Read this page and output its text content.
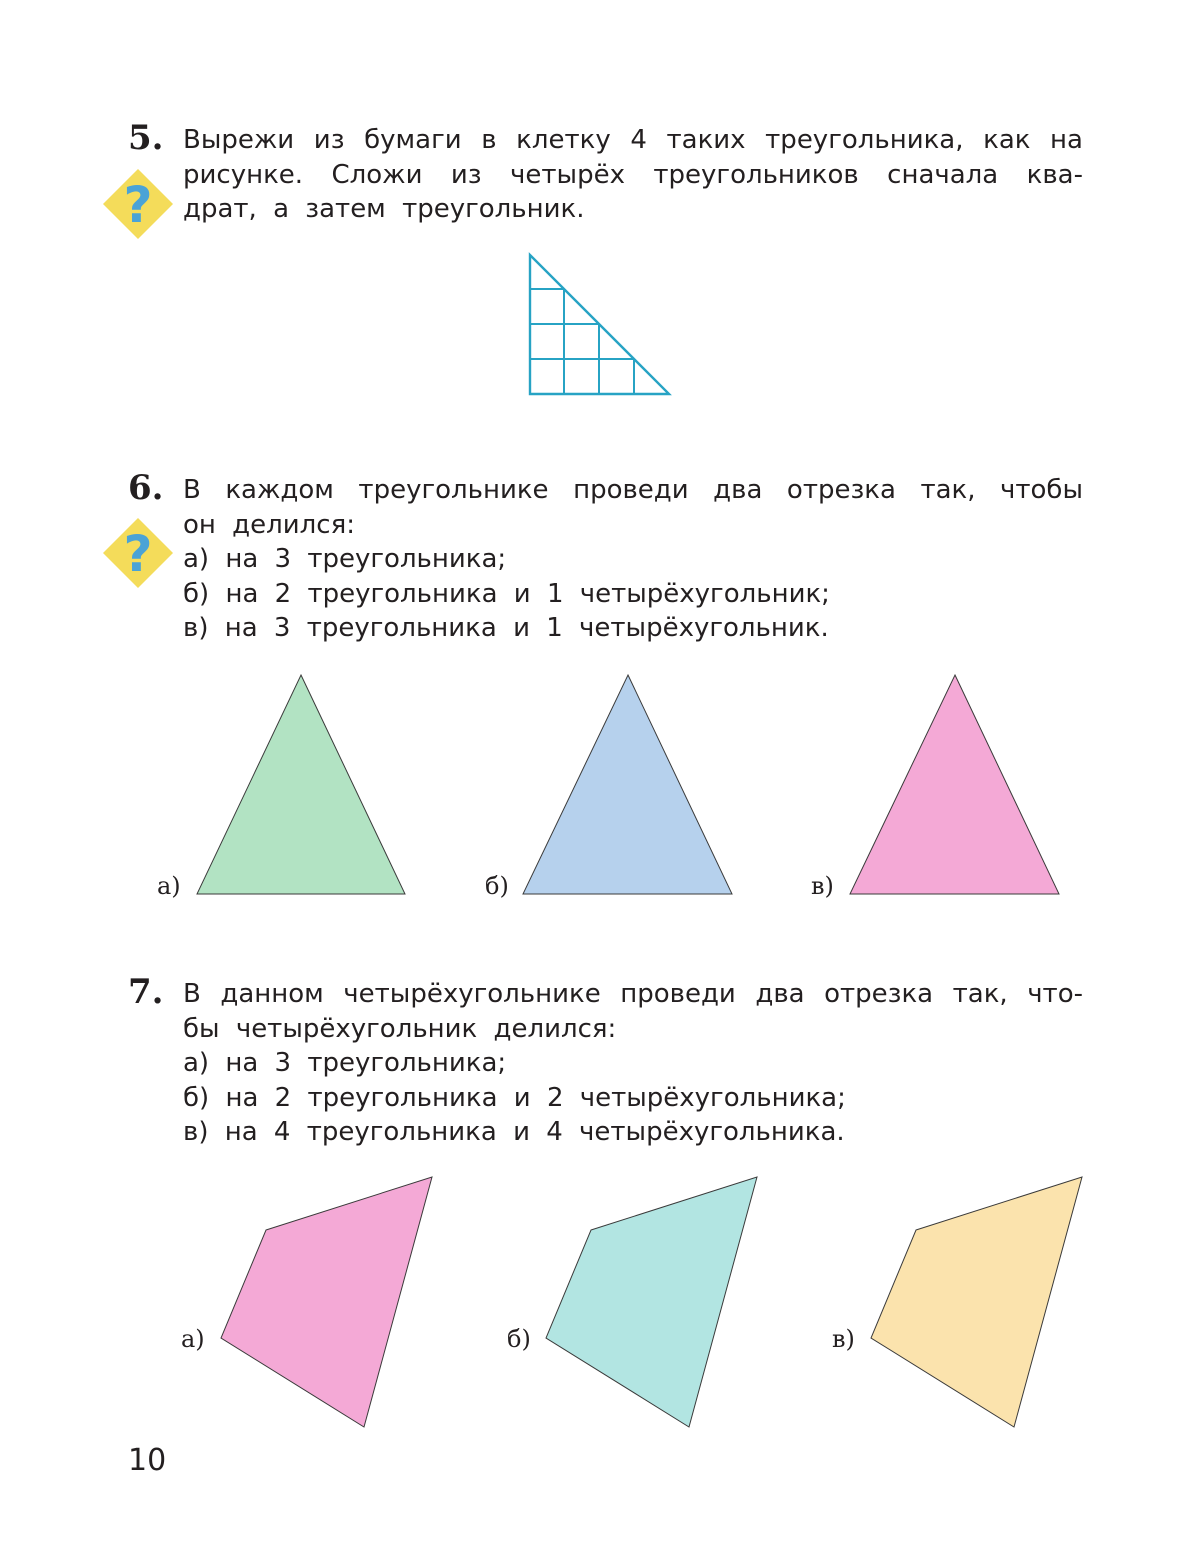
5.
?
Вырежи из бумаги в клетку 4 таких треугольника, как на
рисунке. Сложи из четырёх треугольников сначала ква-
драт, а затем треугольник.
6.
?
В каждом треугольнике проведи два отрезка так, чтобы
он делился:
а) на 3 треугольника;
б) на 2 треугольника и 1 четырёхугольник;
в) на 3 треугольника и 1 четырёхугольник.
а)	б)	в)
7. В данном четырёхугольнике проведи два отрезка так, что-
бы четырёхугольник делился:
а) на 3 треугольника;
б) на 2 треугольника и 2 четырёхугольника;
в) на 4 треугольника и 4 четырёхугольника.
а)	б)	в)
10
